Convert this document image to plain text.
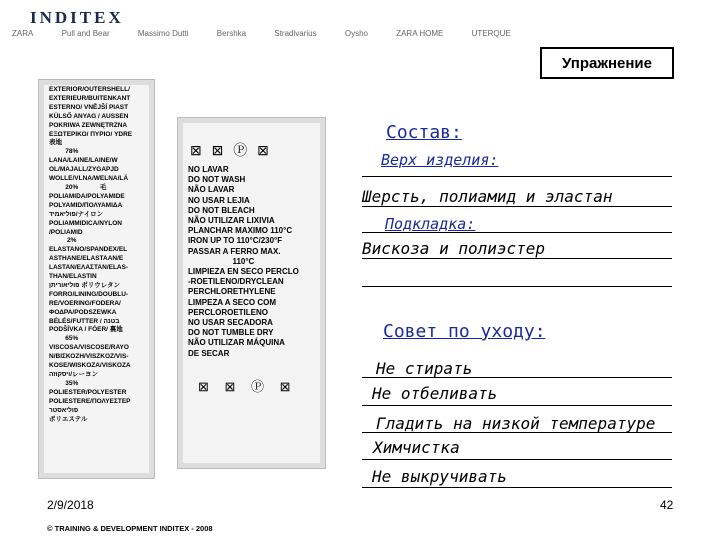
INDITEX
ZARA	Pull and Bear	Massimo Dutti	Bershka	Stradivarius	Oysho	ZARA HOME	UTERQUE
Упражнение
EXTERIOR/OUTERSHELL/
EXTERIEUR/BUITENKANT
ESTERNO/ VNĚJŠÍ PIAST
KÜLSŐ ANYAG / AUSSEN
POKRIWA ZEWNĘTRZNA
ΕΞΩΤΕΡΙΚΟ/ ΠΥΡΙΟ/ YDRE
表地
78%
LANA/LAINE/LAINE/W
OL/MAJALL/ZYGAPJD
WOLLE/VLNA/WELNA/LÄ
20%            毛
POLIAMIDA/POLYAMIDE
POLYAMID/ΠΟΛΥΑΜΙΔΑ
פוליאמיד/ナイロン
POLIAMMIDICA/NYLON
/POLIAMID
2%
ELASTANO/SPANDEX/EL
ASTHANE/ELASTAAN/E
LASTAN/ΕΛΑΣΤΑΝ/ELAS-
THAN/ELASTIN
פוליאוריתן ポリウレタン
FORRO/LINING/DOUBLU-
RE/VOERING/FODERA/
ΦΟΔΡΑ/PODSZEWKA
BÉLÉS/FUTTER / בטנה
PODŠÍVKA / FÓER/ 裏地
65%
VISCOSA/VISCOSE/RAYO
N/ΒΙΣΚΟΖΗ/VISZKOZ/VIS-
KOSE/WISKOZA/VISKOZA
ויסקוזה/レーヨン
35%
POLIESTER/POLYESTER
POLIESTERE/ΠΟΛΥΕΣΤΕΡ
פוליאסטר
ポリエステル
⊠ ⊠ Ⓟ ⊠
NO LAVAR
DO NOT WASH
NÃO LAVAR
NO USAR LEJIA
DO NOT BLEACH
NÃO UTILIZAR LIXIVIA
PLANCHAR MAXIMO 110°C
IRON UP TO 110°C/230°F
PASSAR A FERRO MAX.
110°C
LIMPIEZA EN SECO PERCLO
-ROETILENO/DRYCLEAN
PERCHLORETHYLENE
LIMPEZA A SECO COM
PERCLOROETILENO
NO USAR SECADORA
DO NOT TUMBLE DRY
NÃO UTILIZAR MÁQUINA
DE SECAR
⊠ ⊠ Ⓟ ⊠
Состав:
Верх изделия:
Шерсть, полиамид и эластан
Подкладка:
Вискоза и полиэстер
Совет по уходу:
Не стирать
Не отбеливать
Гладить на низкой температуре
Химчистка
Не выкручивать
2/9/2018
© TRAINING & DEVELOPMENT INDITEX - 2008
42
